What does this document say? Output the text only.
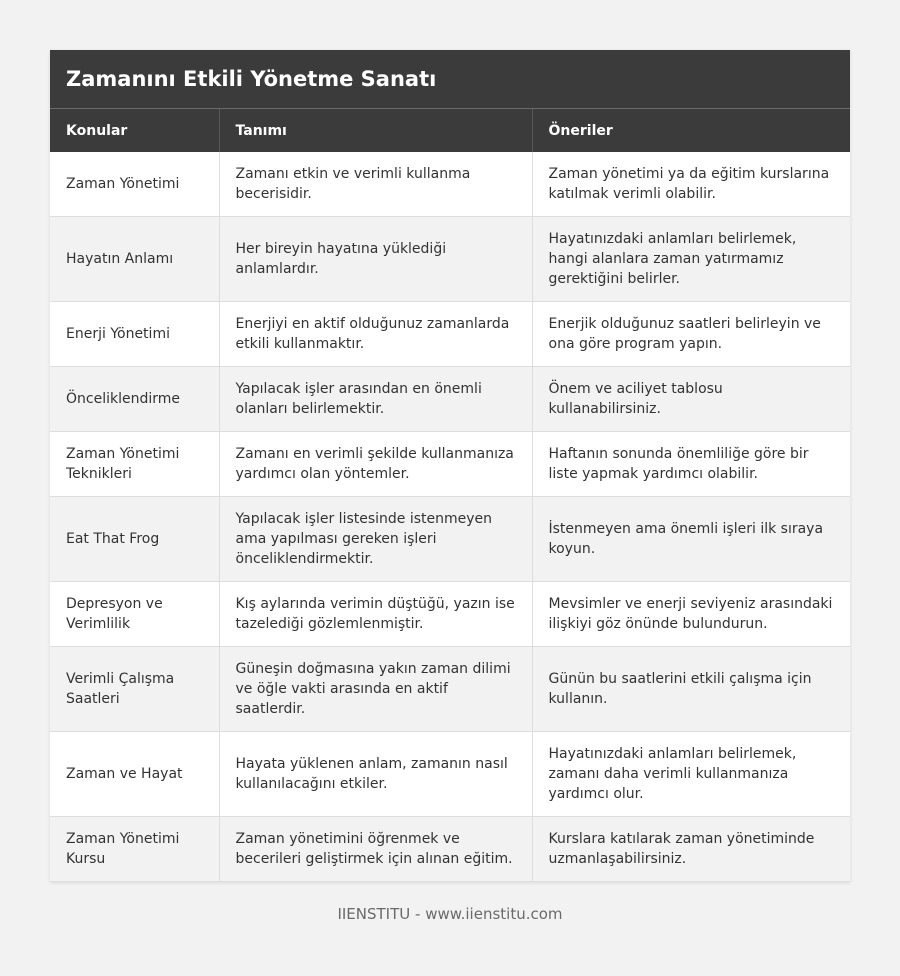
Zamanını Etkili Yönetme Sanatı
Konular	Tanımı	Öneriler
Zaman Yönetimi	Zamanı etkin ve verimli kullanma becerisidir.	Zaman yönetimi ya da eğitim kurslarına katılmak verimli olabilir.
Hayatın Anlamı	Her bireyin hayatına yüklediği anlamlardır.	Hayatınızdaki anlamları belirlemek, hangi alanlara zaman yatırmamız gerektiğini belirler.
Enerji Yönetimi	Enerjiyi en aktif olduğunuz zamanlarda etkili kullanmaktır.	Enerjik olduğunuz saatleri belirleyin ve ona göre program yapın.
Önceliklendirme	Yapılacak işler arasından en önemli olanları belirlemektir.	Önem ve aciliyet tablosu kullanabilirsiniz.
Zaman Yönetimi Teknikleri	Zamanı en verimli şekilde kullanmanıza yardımcı olan yöntemler.	Haftanın sonunda önemliliğe göre bir liste yapmak yardımcı olabilir.
Eat That Frog	Yapılacak işler listesinde istenmeyen ama yapılması gereken işleri önceliklendirmektir.	İstenmeyen ama önemli işleri ilk sıraya koyun.
Depresyon ve Verimlilik	Kış aylarında verimin düştüğü, yazın ise tazelediği gözlemlenmiştir.	Mevsimler ve enerji seviyeniz arasındaki ilişkiyi göz önünde bulundurun.
Verimli Çalışma Saatleri	Güneşin doğmasına yakın zaman dilimi ve öğle vakti arasında en aktif saatlerdir.	Günün bu saatlerini etkili çalışma için kullanın.
Zaman ve Hayat	Hayata yüklenen anlam, zamanın nasıl kullanılacağını etkiler.	Hayatınızdaki anlamları belirlemek, zamanı daha verimli kullanmanıza yardımcı olur.
Zaman Yönetimi Kursu	Zaman yönetimini öğrenmek ve becerileri geliştirmek için alınan eğitim.	Kurslara katılarak zaman yönetiminde uzmanlaşabilirsiniz.
IIENSTITU - www.iienstitu.com
